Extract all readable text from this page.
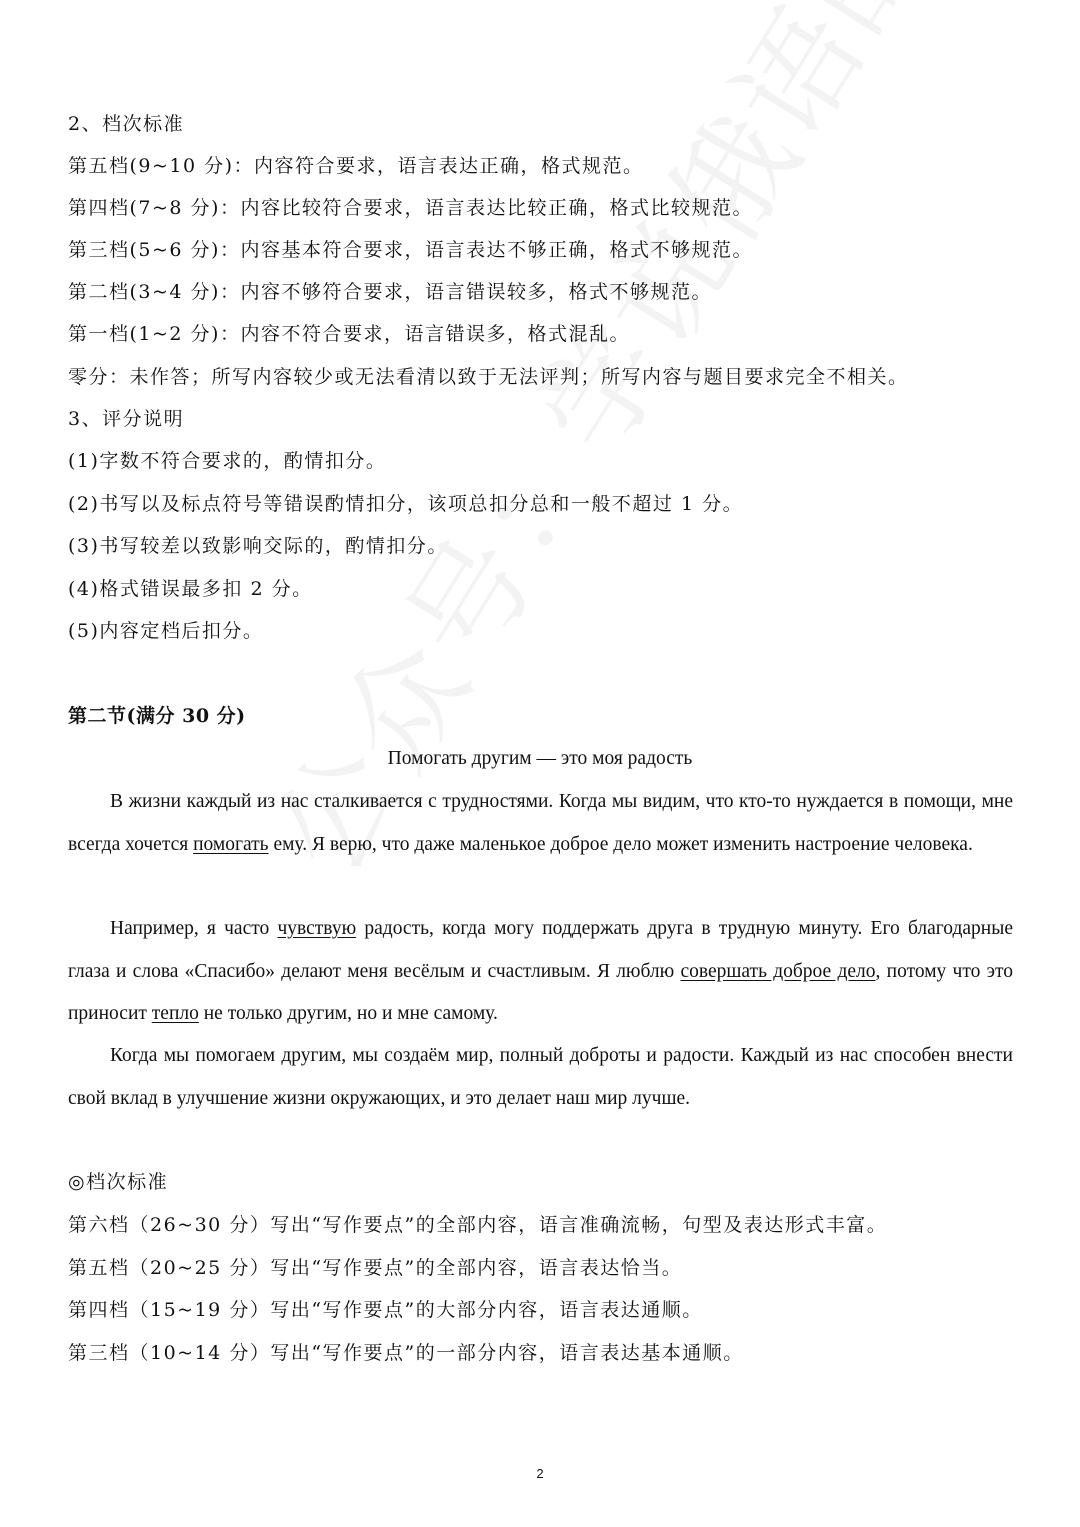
2、档次标准
第五档(9~10 分)：内容符合要求，语言表达正确，格式规范。
第四档(7~8 分)：内容比较符合要求，语言表达比较正确，格式比较规范。
第三档(5~6 分)：内容基本符合要求，语言表达不够正确，格式不够规范。
第二档(3~4 分)：内容不够符合要求，语言错误较多，格式不够规范。
第一档(1~2 分)：内容不符合要求，语言错误多，格式混乱。
零分：未作答；所写内容较少或无法看清以致于无法评判；所写内容与题目要求完全不相关。
3、评分说明
(1)字数不符合要求的，酌情扣分。
(2)书写以及标点符号等错误酌情扣分，该项总扣分总和一般不超过 1 分。
(3)书写较差以致影响交际的，酌情扣分。
(4)格式错误最多扣 2 分。
(5)内容定档后扣分。
第二节(满分 30 分)
Помогать другим — это моя радость

В жизни каждый из нас сталкивается с трудностями. Когда мы видим, что кто-то нуждается в помощи, мне всегда хочется помогать ему. Я верю, что даже маленькое доброе дело может изменить настроение человека.

Например, я часто чувствую радость, когда могу поддержать друга в трудную минуту. Его благодарные глаза и слова «Спасибо» делают меня весёлым и счастливым. Я люблю совершать доброе дело, потому что это приносит тепло не только другим, но и мне самому.

Когда мы помогаем другим, мы создаём мир, полный доброты и радости. Каждый из нас способен внести свой вклад в улучшение жизни окружающих, и это делает наш мир лучше.

◎档次标准
第六档（26~30 分）写出“写作要点”的全部内容，语言准确流畅，句型及表达形式丰富。
第五档（20~25 分）写出“写作要点”的全部内容，语言表达恰当。
第四档（15~19 分）写出“写作要点”的大部分内容，语言表达通顺。
第三档（10~14 分）写出“写作要点”的一部分内容，语言表达基本通顺。
2
